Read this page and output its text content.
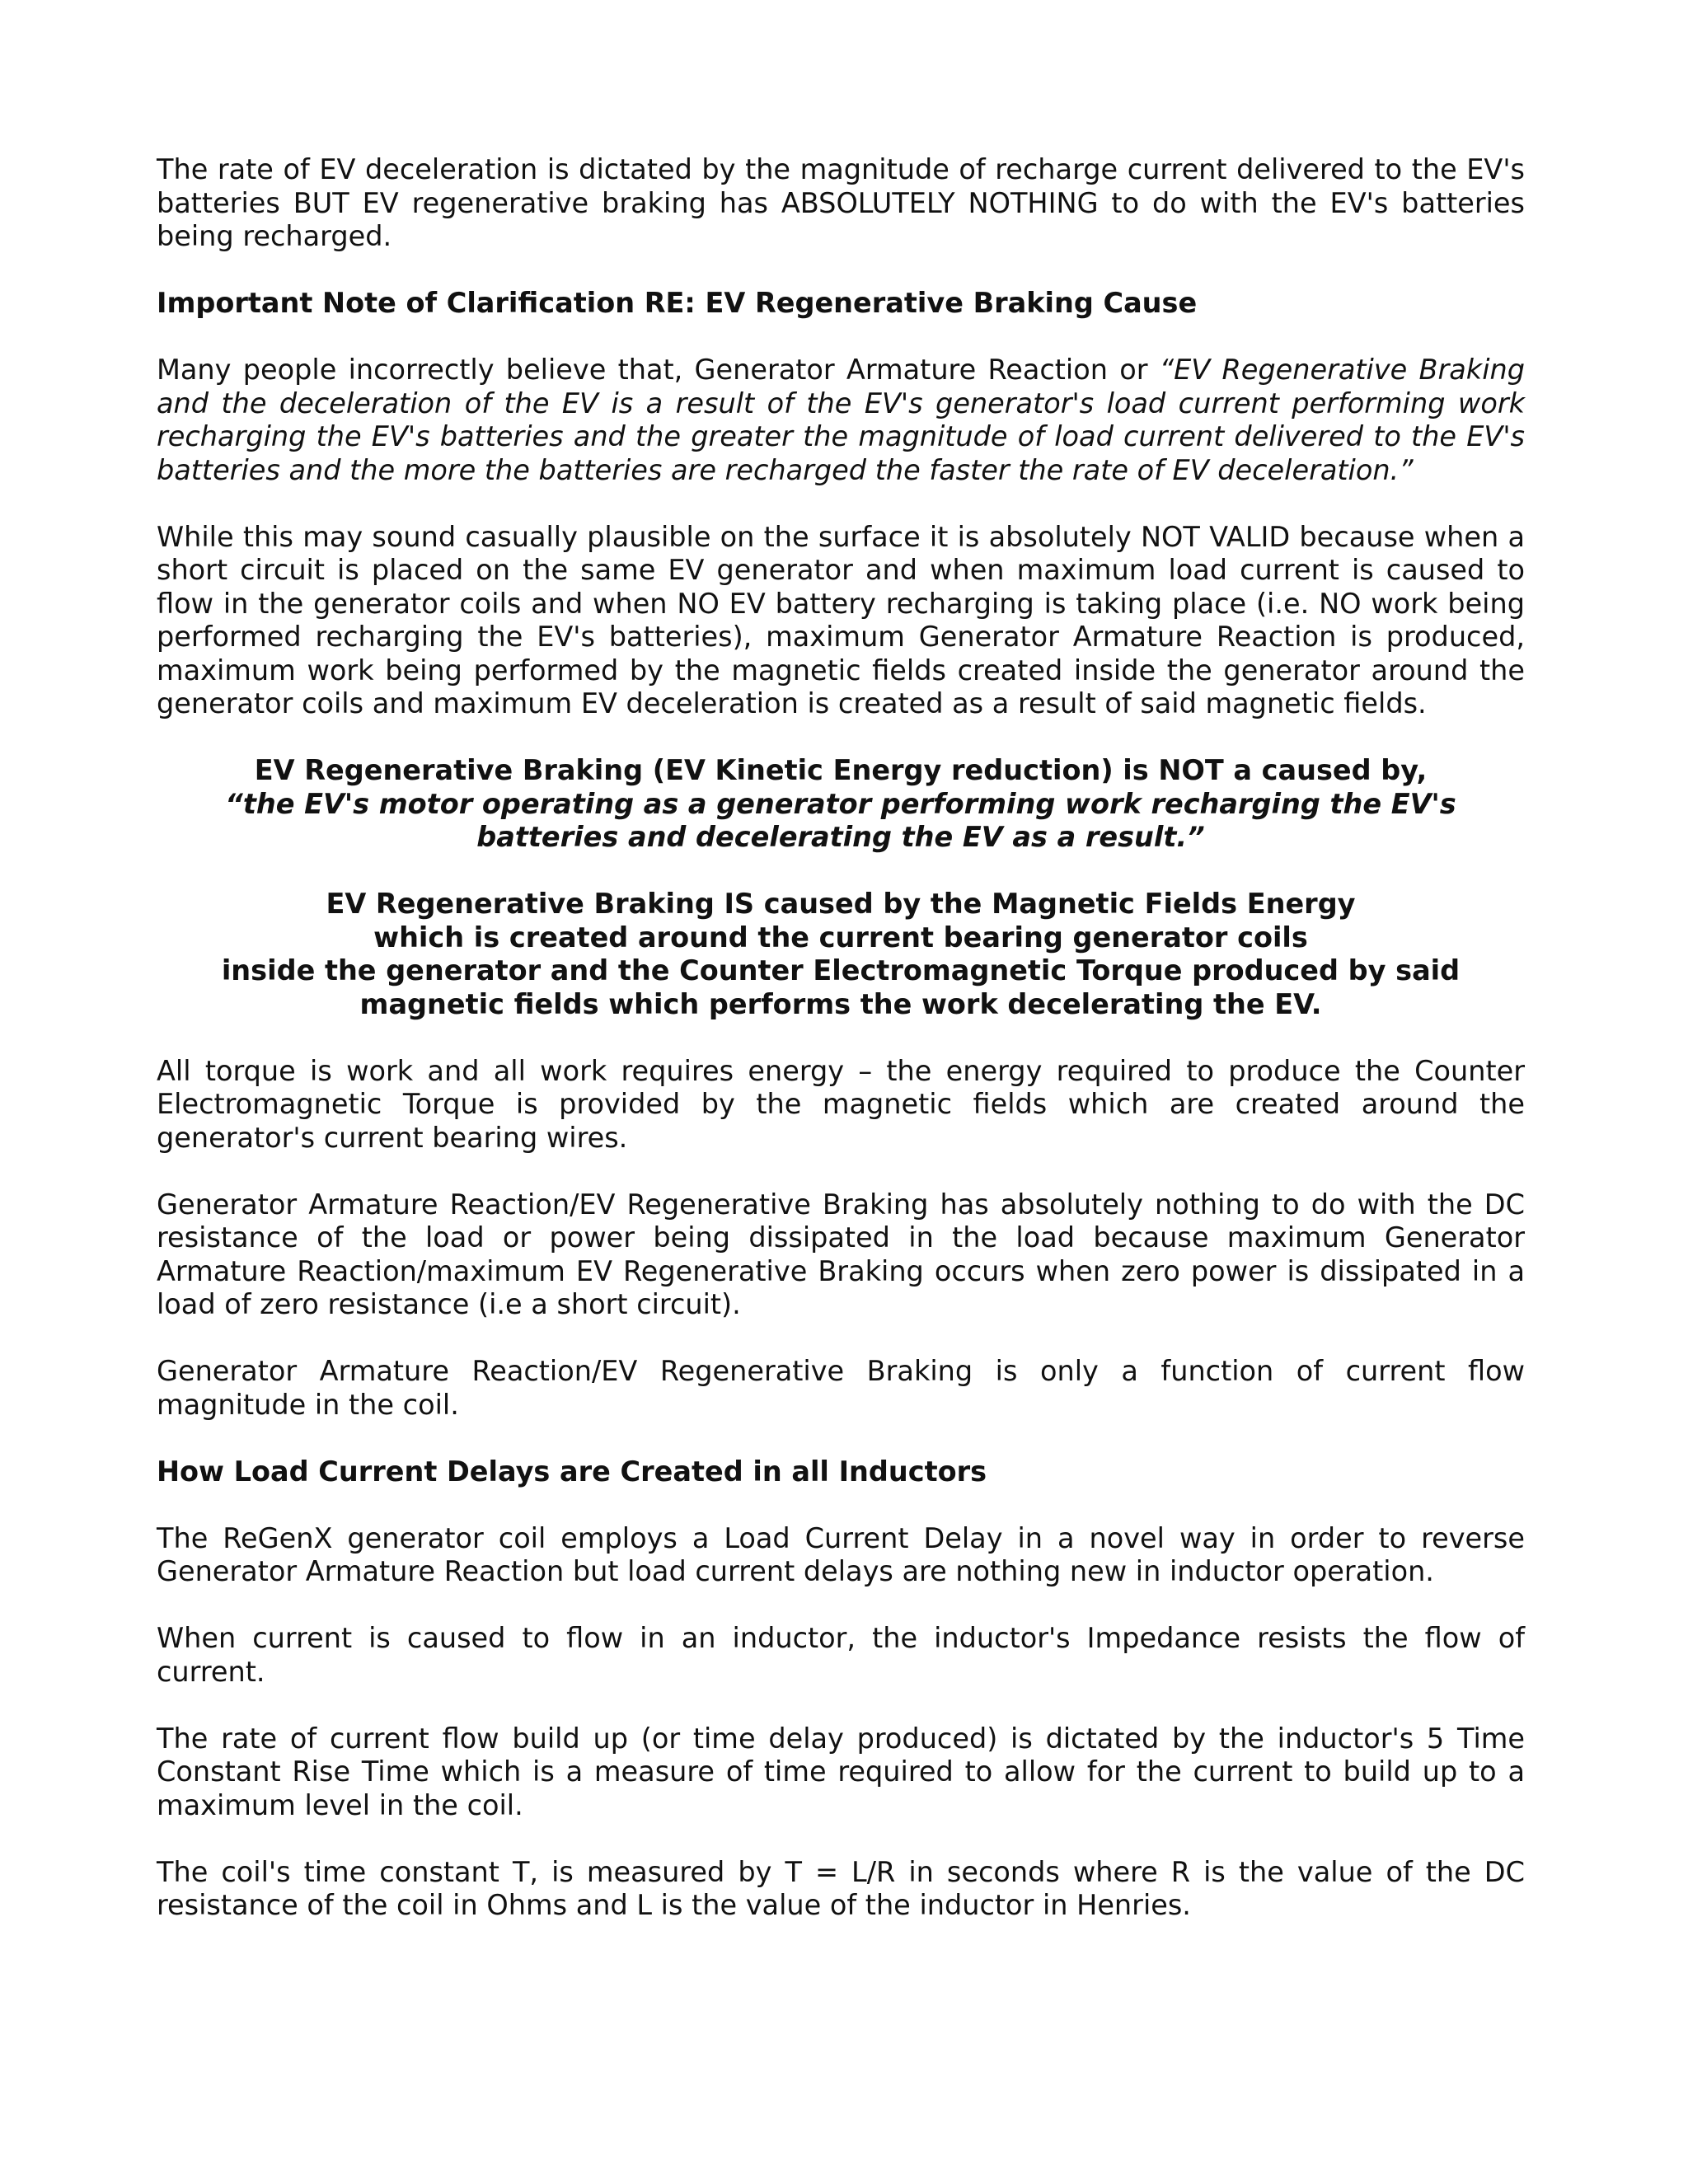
The rate of EV deceleration is dictated by the magnitude of recharge current delivered to the EV's batteries BUT EV regenerative braking has ABSOLUTELY NOTHING to do with the EV's batteries being recharged.

Important Note of Clarification RE: EV Regenerative Braking Cause

Many people incorrectly believe that, Generator Armature Reaction or “EV Regenerative Braking and the deceleration of the EV is a result of the EV's generator's load current performing work recharging the EV's batteries and the greater the magnitude of load current delivered to the EV's batteries and the more the batteries are recharged the faster the rate of EV deceleration.”

While this may sound casually plausible on the surface it is absolutely NOT VALID because when a short circuit is placed on the same EV generator and when maximum load current is caused to flow in the generator coils and when NO EV battery recharging is taking place (i.e. NO work being performed recharging the EV's batteries), maximum Generator Armature Reaction is produced, maximum work being performed by the magnetic fields created inside the generator around the generator coils and maximum EV deceleration is created as a result of said magnetic fields.

EV Regenerative Braking (EV Kinetic Energy reduction) is NOT a caused by,
“the EV's motor operating as a generator performing work recharging the EV's batteries and decelerating the EV as a result.”
EV Regenerative Braking IS caused by the Magnetic Fields Energy
which is created around the current bearing generator coils
inside the generator and the Counter Electromagnetic Torque produced by said
magnetic fields which performs the work decelerating the EV.

All torque is work and all work requires energy – the energy required to produce the Counter Electromagnetic Torque is provided by the magnetic fields which are created around the generator's current bearing wires.

Generator Armature Reaction/EV Regenerative Braking has absolutely nothing to do with the DC resistance of the load or power being dissipated in the load because maximum Generator Armature Reaction/maximum EV Regenerative Braking occurs when zero power is dissipated in a load of zero resistance (i.e a short circuit).

Generator Armature Reaction/EV Regenerative Braking is only a function of current flow magnitude in the coil.

How Load Current Delays are Created in all Inductors

The ReGenX generator coil employs a Load Current Delay in a novel way in order to reverse Generator Armature Reaction but load current delays are nothing new in inductor operation.

When current is caused to flow in an inductor, the inductor's Impedance resists the flow of current.

The rate of current flow build up (or time delay produced) is dictated by the inductor's 5 Time Constant Rise Time which is a measure of time required to allow for the current to build up to a maximum level in the coil.

The coil's time constant T, is measured by T = L/R in seconds where R is the value of the DC resistance of the coil in Ohms and L is the value of the inductor in Henries.
